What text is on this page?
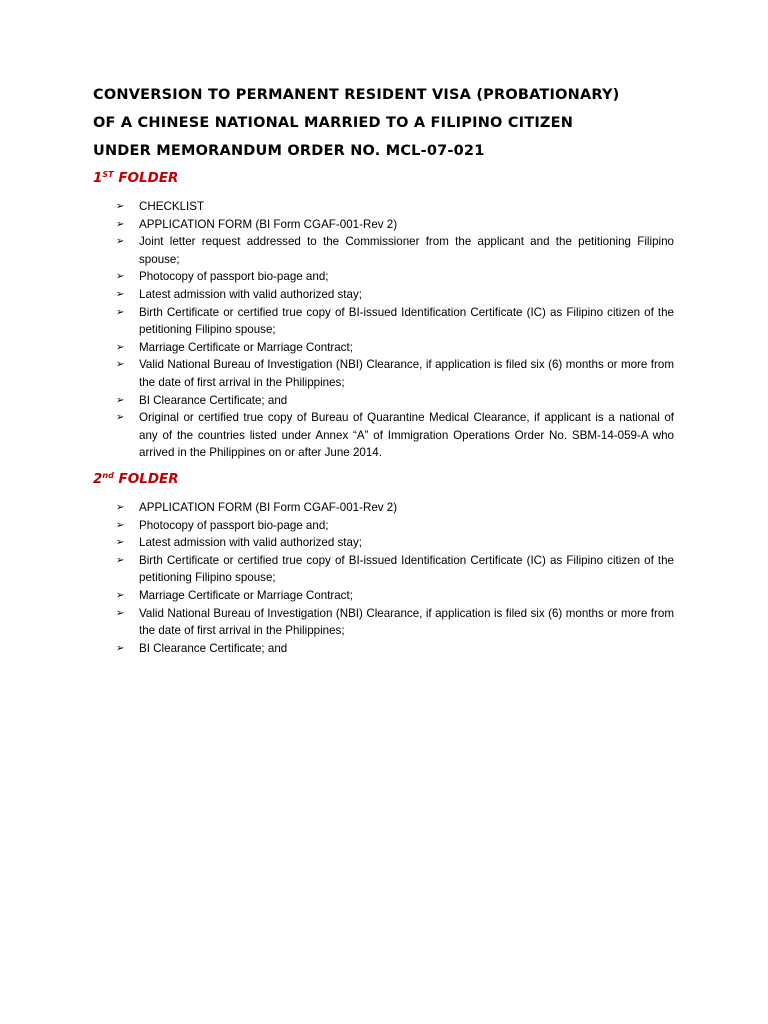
CONVERSION TO PERMANENT RESIDENT VISA (PROBATIONARY)

OF A CHINESE NATIONAL MARRIED TO A FILIPINO CITIZEN

UNDER MEMORANDUM ORDER NO. MCL-07-021

1ST FOLDER

➢ CHECKLIST
➢ APPLICATION FORM (BI Form CGAF-001-Rev 2)
➢ Joint letter request addressed to the Commissioner from the applicant and the petitioning Filipino spouse;
➢ Photocopy of passport bio-page and;
➢ Latest admission with valid authorized stay;
➢ Birth Certificate or certified true copy of BI-issued Identification Certificate (IC) as Filipino citizen of the petitioning Filipino spouse;
➢ Marriage Certificate or Marriage Contract;
➢ Valid National Bureau of Investigation (NBI) Clearance, if application is filed six (6) months or more from the date of first arrival in the Philippines;
➢ BI Clearance Certificate; and
➢ Original or certified true copy of Bureau of Quarantine Medical Clearance, if applicant is a national of any of the countries listed under Annex “A” of Immigration Operations Order No. SBM-14-059-A who arrived in the Philippines on or after June 2014.

2nd FOLDER

➢ APPLICATION FORM (BI Form CGAF-001-Rev 2)
➢ Photocopy of passport bio-page and;
➢ Latest admission with valid authorized stay;
➢ Birth Certificate or certified true copy of BI-issued Identification Certificate (IC) as Filipino citizen of the petitioning Filipino spouse;
➢ Marriage Certificate or Marriage Contract;
➢ Valid National Bureau of Investigation (NBI) Clearance, if application is filed six (6) months or more from the date of first arrival in the Philippines;
➢ BI Clearance Certificate; and
